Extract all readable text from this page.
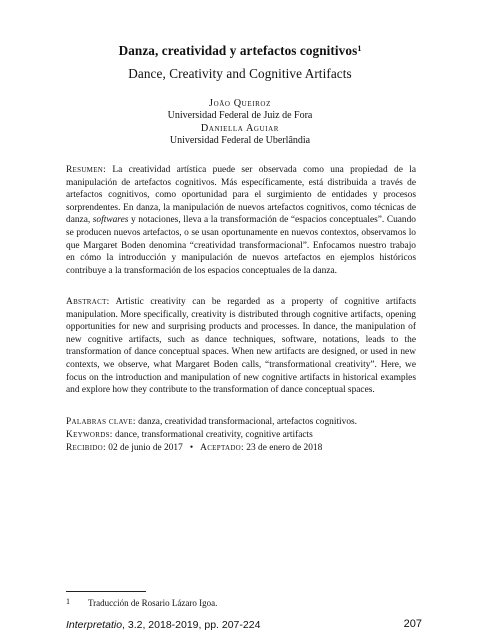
Danza, creatividad y artefactos cognitivos$^1$
Dance, Creativity and Cognitive Artifacts
João Queiroz
Universidad Federal de Juiz de Fora
Daniella Aguiar
Universidad Federal de Uberlândia

Resumen: La creatividad artística puede ser observada como una propiedad de la manipulación de artefactos cognitivos. Más específicamente, está distribuida a través de artefactos cognitivos, como oportunidad para el surgimiento de entidades y procesos sorprendentes. En danza, la manipulación de nuevos artefactos cognitivos, como técnicas de danza, softwares y notaciones, lleva a la transformación de “espacios conceptuales”. Cuando se producen nuevos artefactos, o se usan oportunamente en nuevos contextos, observamos lo que Margaret Boden denomina “creatividad transformacional”. Enfocamos nuestro trabajo en cómo la introducción y manipulación de nuevos artefactos en ejemplos históricos contribuye a la transformación de los espacios conceptuales de la danza.

Abstract: Artistic creativity can be regarded as a property of cognitive artifacts manipulation. More specifically, creativity is distributed through cognitive artifacts, opening opportunities for new and surprising products and processes. In dance, the manipulation of new cognitive artifacts, such as dance techniques, software, notations, leads to the transformation of dance conceptual spaces. When new artifacts are designed, or used in new contexts, we observe, what Margaret Boden calls, “transformational creativity”. Here, we focus on the introduction and manipulation of new cognitive artifacts in historical examples and explore how they contribute to the transformation of dance conceptual spaces.

Palabras clave: danza, creatividad transformacional, artefactos cognitivos.
Keywords: dance, transformational creativity, cognitive artifacts
Recibido: 02 de junio de 2017 • Aceptado: 23 de enero de 2018
1 Traducción de Rosario Lázaro Igoa.
Interpretatio, 3.2, 2018-2019, pp. 207-224	207
